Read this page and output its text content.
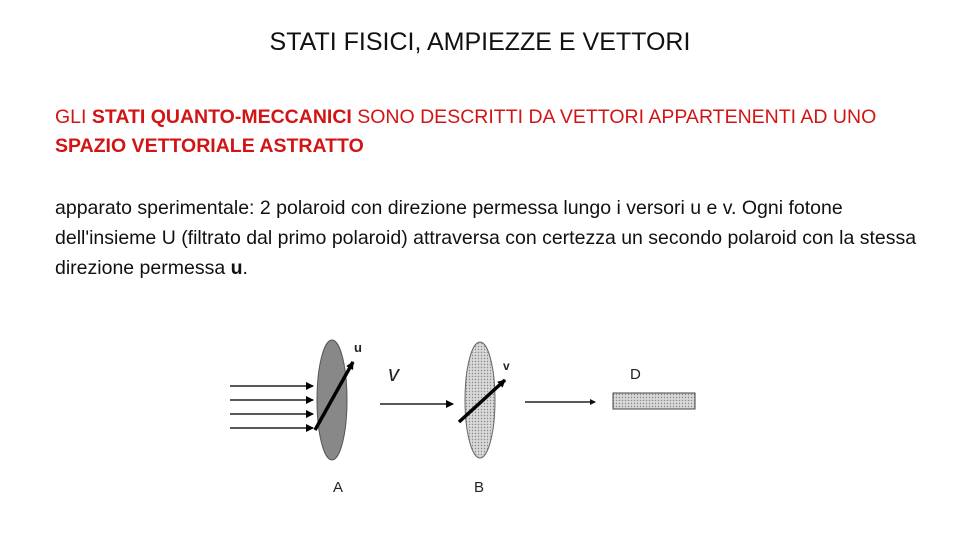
STATI FISICI, AMPIEZZE E VETTORI
GLI STATI QUANTO-MECCANICI SONO DESCRITTI DA VETTORI APPARTENENTI AD UNO SPAZIO VETTORIALE ASTRATTO
apparato sperimentale: 2 polaroid con direzione permessa lungo i versori u e v. Ogni fotone dell'insieme U (filtrato dal primo polaroid) attraversa con certezza un secondo polaroid con la stessa direzione permessa u.
u
v	v	D
A	B
